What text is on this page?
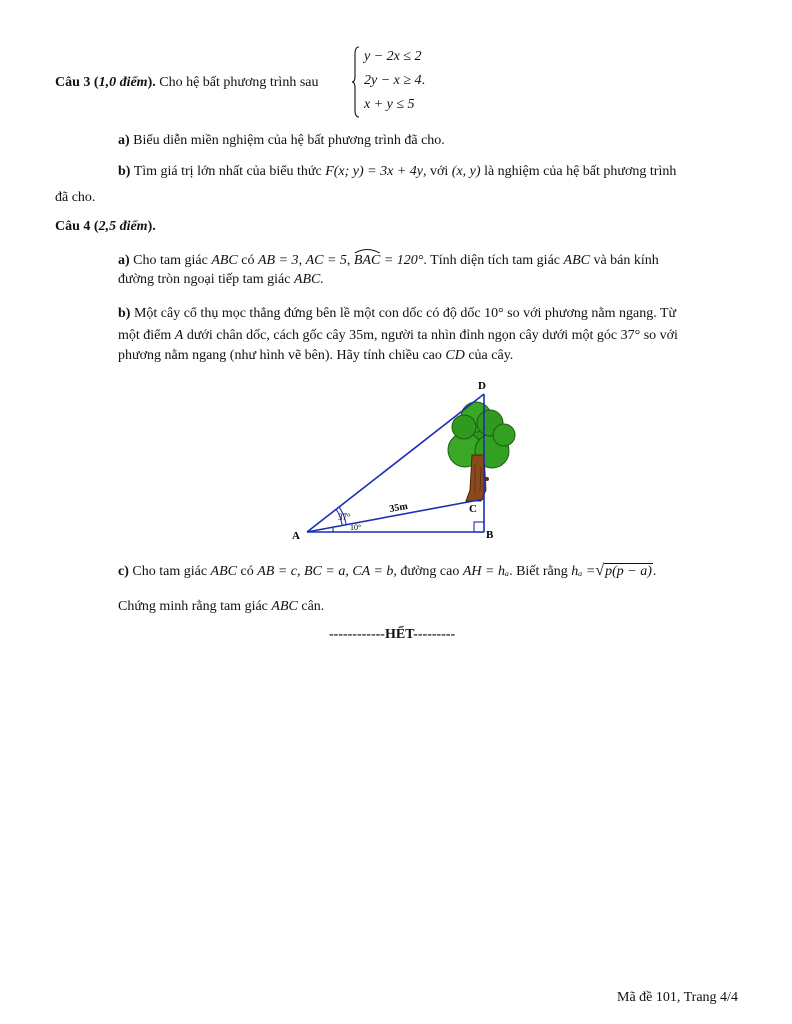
Câu 3 (1,0 điểm). Cho hệ bất phương trình sau
y − 2x ≤ 2
2y − x ≥ 4.
x + y ≤ 5
a) Biểu diễn miền nghiệm của hệ bất phương trình đã cho.
b) Tìm giá trị lớn nhất của biểu thức F(x; y) = 3x + 4y, với (x, y) là nghiệm của hệ bất phương trình
đã cho.
Câu 4 (2,5 điểm).
a) Cho tam giác ABC có AB = 3, AC = 5,
BAC = 120°. Tính diện tích tam giác ABC và bán kính
đường tròn ngoại tiếp tam giác ABC.
b) Một cây cổ thụ mọc thẳng đứng bên lề một con dốc có độ dốc 10° so với phương nằm ngang. Từ
một điểm A dưới chân dốc, cách gốc cây 35m, người ta nhìn đỉnh ngọn cây dưới một góc 37° so với
phương nằm ngang (như hình vẽ bên). Hãy tính chiều cao CD của cây.
D
C
B
A
35m
37°
10°
c) Cho tam giác ABC có AB = c, BC = a, CA = b, đường cao AH = hₐ. Biết rằng hₐ =√p(p − a).
Chứng minh rằng tam giác ABC cân.
------------HẾT---------
Mã đề 101, Trang 4/4
